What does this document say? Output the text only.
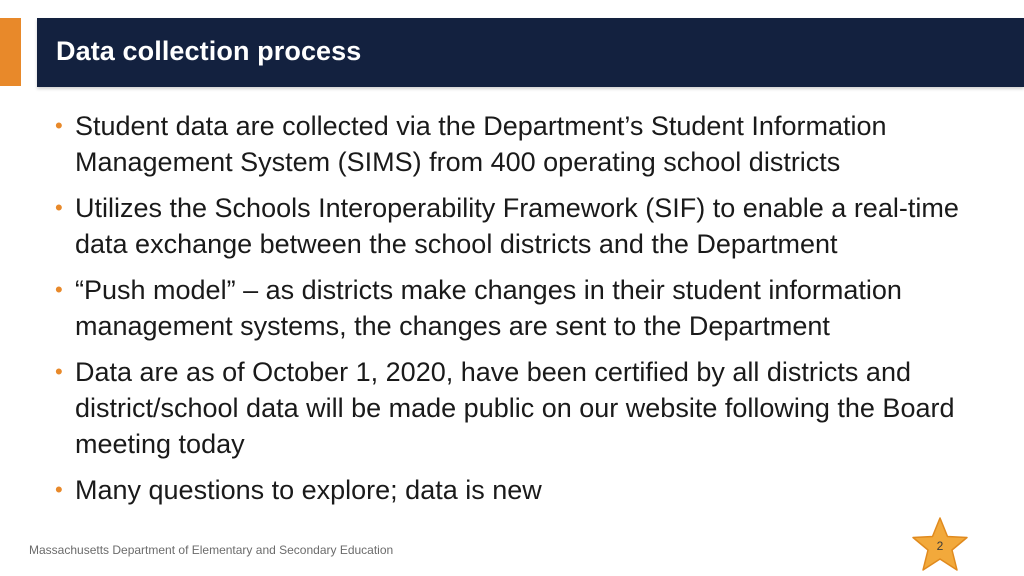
Data collection process
• Student data are collected via the Department’s Student Information Management System (SIMS) from 400 operating school districts
• Utilizes the Schools Interoperability Framework (SIF) to enable a real-time data exchange between the school districts and the Department
• “Push model” – as districts make changes in their student information management systems, the changes are sent to the Department
• Data are as of October 1, 2020, have been certified by all districts and district/school data will be made public on our website following the Board meeting today
• Many questions to explore; data is new
Massachusetts Department of Elementary and Secondary Education	2
